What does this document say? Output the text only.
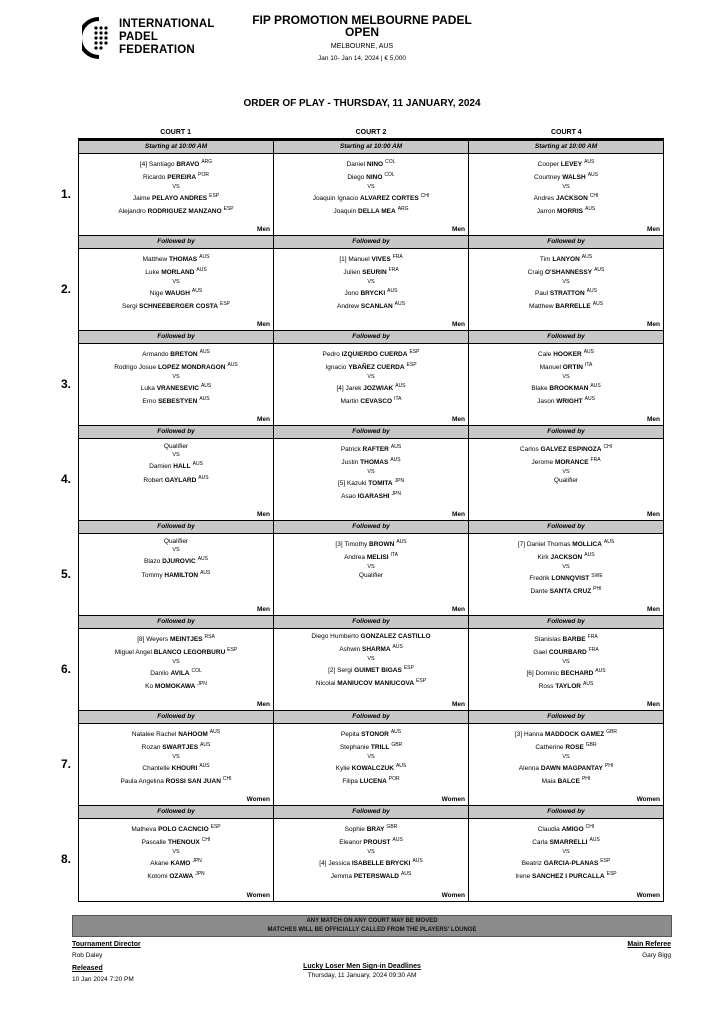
INTERNATIONAL
PADEL
FEDERATION
FIP PROMOTION MELBOURNE PADEL OPEN
MELBOURNE, AUS
Jan 10- Jan 14, 2024 | € 5,000
ORDER OF PLAY - THURSDAY, 11 JANUARY, 2024
COURT 1	COURT 2	COURT 4
1.
Starting at 10:00 AM
[4] Santiago BRAVO $^{ARG}$
Ricardo PEREIRA $^{POR}$
VS
Jaime PELAYO ANDRES $^{ESP}$
Alejandro RODRIGUEZ MANZANO $^{ESP}$
Men
Starting at 10:00 AM
Daniel NINO $^{COL}$
Diego NINO $^{COL}$
VS
Joaquin Ignacio ALVAREZ CORTES $^{CHI}$
Joaquin DELLA MEA $^{ARG}$
Men
Starting at 10:00 AM
Cooper LEVEY $^{AUS}$
Courtney WALSH $^{AUS}$
VS
Andres JACKSON $^{CHI}$
Jarron MORRIS $^{AUS}$
Men
2.
Followed by
Matthew THOMAS $^{AUS}$
Luke MORLAND $^{AUS}$
VS
Nige WAUGH $^{AUS}$
Sergi SCHNEEBERGER COSTA $^{ESP}$
Men
Followed by
[1] Manuel VIVES $^{FRA}$
Julien SEURIN $^{FRA}$
VS
Jono BRYCKI $^{AUS}$
Andrew SCANLAN $^{AUS}$
Men
Followed by
Tim LANYON $^{AUS}$
Craig O'SHANNESSY $^{AUS}$
VS
Paul STRATTON $^{AUS}$
Matthew BARRELLE $^{AUS}$
Men
3.
Followed by
Armando BRETON $^{AUS}$
Rodrigo Josue LOPEZ MONDRAGON $^{AUS}$
VS
Luka VRANESEVIC $^{AUS}$
Erno SEBESTYEN $^{AUS}$
Men
Followed by
Pedro IZQUIERDO CUERDA $^{ESP}$
Ignacio YBAÑEZ CUERDA $^{ESP}$
VS
[4] Jarek JOZWIAK $^{AUS}$
Martin CEVASCO $^{ITA}$
Men
Followed by
Cale HOOKER $^{AUS}$
Manuel ORTIN $^{ITA}$
VS
Blake BROOKMAN $^{AUS}$
Jason WRIGHT $^{AUS}$
Men
4.
Followed by
Qualifier
VS
Damien HALL $^{AUS}$
Robert GAYLARD $^{AUS}$
Men
Followed by
Patrick RAFTER $^{AUS}$
Justin THOMAS $^{AUS}$
VS
[5] Kazuki TOMITA $^{JPN}$
Asao IGARASHI $^{JPN}$
Men
Followed by
Carlos GALVEZ ESPINOZA $^{CHI}$
Jerome MORANCE $^{FRA}$
VS
Qualifier
Men
5.
Followed by
Qualifier
VS
Blazo DJUROVIC $^{AUS}$
Tommy HAMILTON $^{AUS}$
Men
Followed by
[3] Timothy BROWN $^{AUS}$
Andrea MELISI $^{ITA}$
VS
Qualifier
Men
Followed by
[7] Daniel Thomas MOLLICA $^{AUS}$
Kirk JACKSON $^{AUS}$
VS
Fredrik LONNQVIST $^{SWE}$
Dante SANTA CRUZ $^{PHI}$
Men
6.
Followed by
[8] Weyers MEINTJES $^{RSA}$
Miguel Angel BLANCO LEGORBURU $^{ESP}$
VS
Danilo AVILA $^{COL}$
Ko MOMOKAWA $^{JPN}$
Men
Followed by
Diego Humberto GONZALEZ CASTILLO
Ashwin SHARMA $^{AUS}$
VS
[2] Sergi GUIMET BIGAS $^{ESP}$
Nicolai MANIUCOV MANIUCOVA $^{ESP}$
Men
Followed by
Stanislas BARBE $^{FRA}$
Gael COURBARD $^{FRA}$
VS
[6] Dominic BECHARD $^{AUS}$
Ross TAYLOR $^{AUS}$
Men
7.
Followed by
Natalee Rachel NAHOOM $^{AUS}$
Rozan SWARTJES $^{AUS}$
VS
Chantelle KHOURI $^{AUS}$
Paula Angelina ROSSI SAN JUAN $^{CHI}$
Women
Followed by
Pepita STONOR $^{AUS}$
Stephanie TRILL $^{GBR}$
VS
Kylie KOWALCZUK $^{AUS}$
Filipa LUCENA $^{POR}$
Women
Followed by
[3] Hanna MADDOCK GAMEZ $^{GBR}$
Catherine ROSE $^{GBR}$
VS
Alenna DAWN MAGPANTAY $^{PHI}$
Maia BALCE $^{PHI}$
Women
8.
Followed by
Matheva POLO CACNCIO $^{ESP}$
Pascalle THENOUX $^{CHI}$
VS
Akane KAMO $^{JPN}$
Kotomi OZAWA $^{JPN}$
Women
Followed by
Sophie BRAY $^{GBR}$
Eleanor PROUST $^{AUS}$
VS
[4] Jessica ISABELLE BRYCKI $^{AUS}$
Jemma PETERSWALD $^{AUS}$
Women
Followed by
Claudia AMIGO $^{CHI}$
Carla SMARRELLI $^{AUS}$
VS
Beatriz GARCIA-PLANAS $^{ESP}$
Irene SANCHEZ I PURCALLA $^{ESP}$
Women
ANY MATCH ON ANY COURT MAY BE MOVED
MATCHES WILL BE OFFICIALLY CALLED FROM THE PLAYERS' LOUNGE
Tournament Director
Rob Daley
Released
10 Jan 2024 7:20 PM
Lucky Loser Men Sign-in Deadlines
Thursday, 11 January, 2024 09:30 AM
Main Referee
Gary Bigg
